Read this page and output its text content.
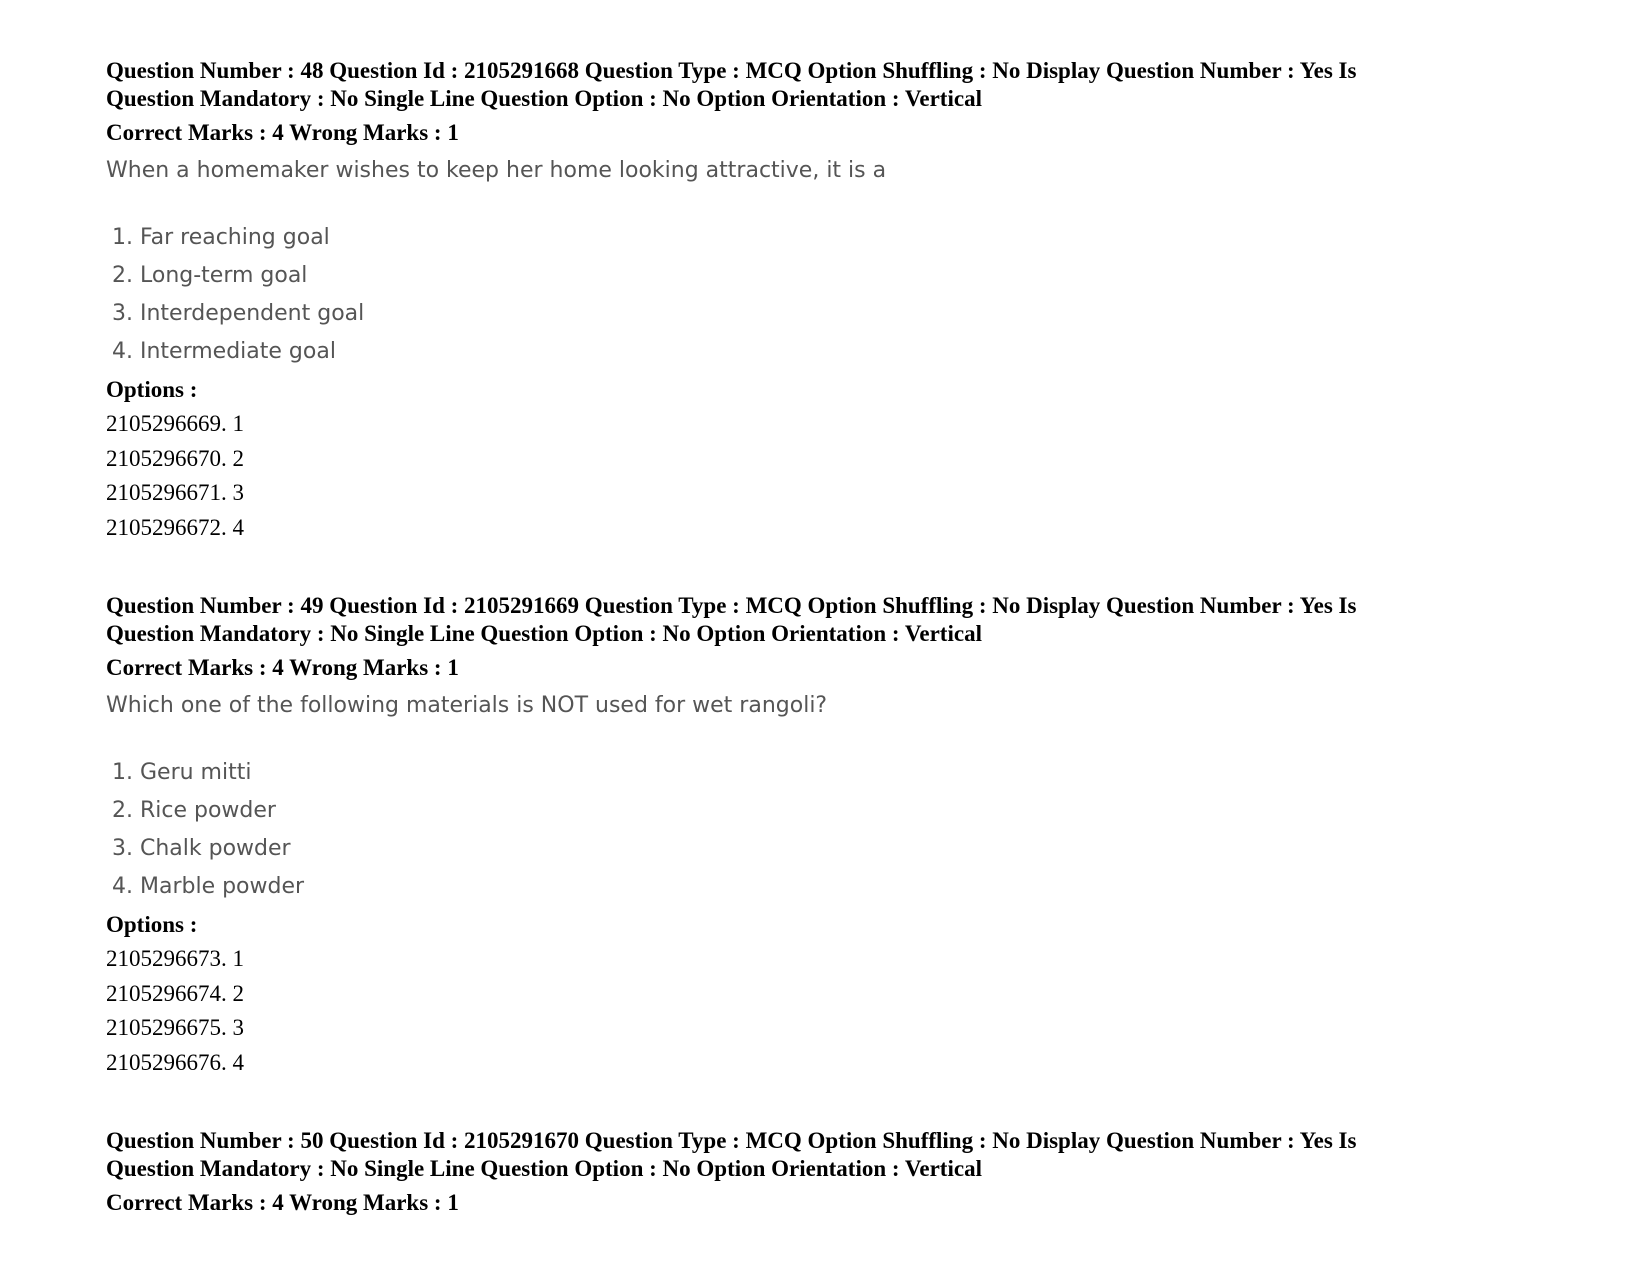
Question Number : 48 Question Id : 2105291668 Question Type : MCQ Option Shuffling : No Display Question Number : Yes Is
Question Mandatory : No Single Line Question Option : No Option Orientation : Vertical
Correct Marks : 4 Wrong Marks : 1
When a homemaker wishes to keep her home looking attractive, it is a
1. Far reaching goal
2. Long-term goal
3. Interdependent goal
4. Intermediate goal
Options :
2105296669. 1
2105296670. 2
2105296671. 3
2105296672. 4
Question Number : 49 Question Id : 2105291669 Question Type : MCQ Option Shuffling : No Display Question Number : Yes Is
Question Mandatory : No Single Line Question Option : No Option Orientation : Vertical
Correct Marks : 4 Wrong Marks : 1
Which one of the following materials is NOT used for wet rangoli?
1. Geru mitti
2. Rice powder
3. Chalk powder
4. Marble powder
Options :
2105296673. 1
2105296674. 2
2105296675. 3
2105296676. 4
Question Number : 50 Question Id : 2105291670 Question Type : MCQ Option Shuffling : No Display Question Number : Yes Is
Question Mandatory : No Single Line Question Option : No Option Orientation : Vertical
Correct Marks : 4 Wrong Marks : 1
